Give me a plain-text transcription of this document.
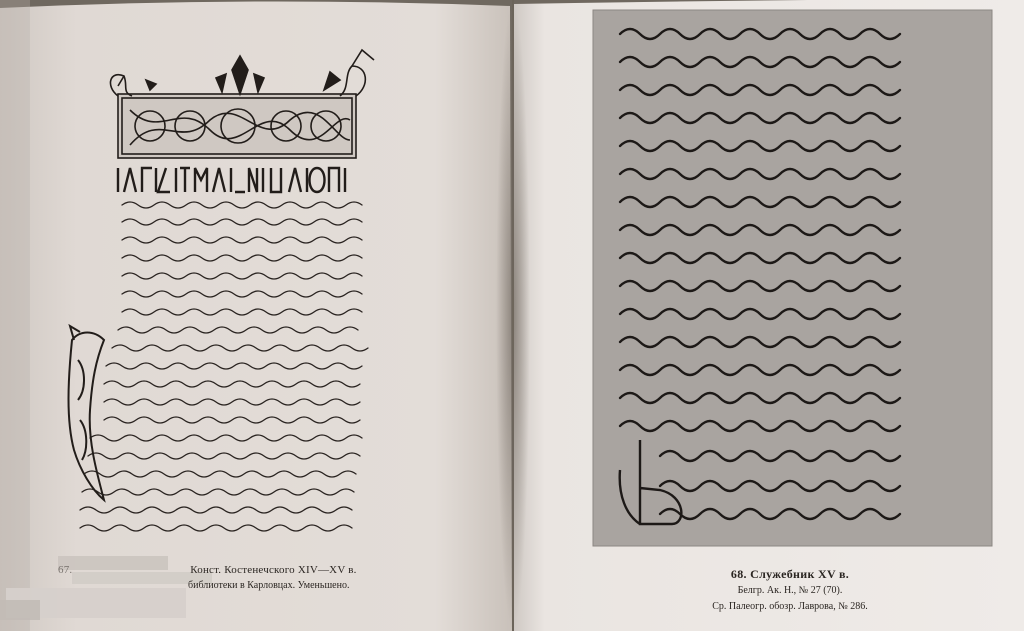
67.	Конст. Костенечского XIV—XV в.
библиотеки в Карловцах. Уменьшено.
68. Служебник XV в.
Белгр. Ак. Н., № 27 (70).
Ср. Палеогр. обозр. Лаврова, № 286.
